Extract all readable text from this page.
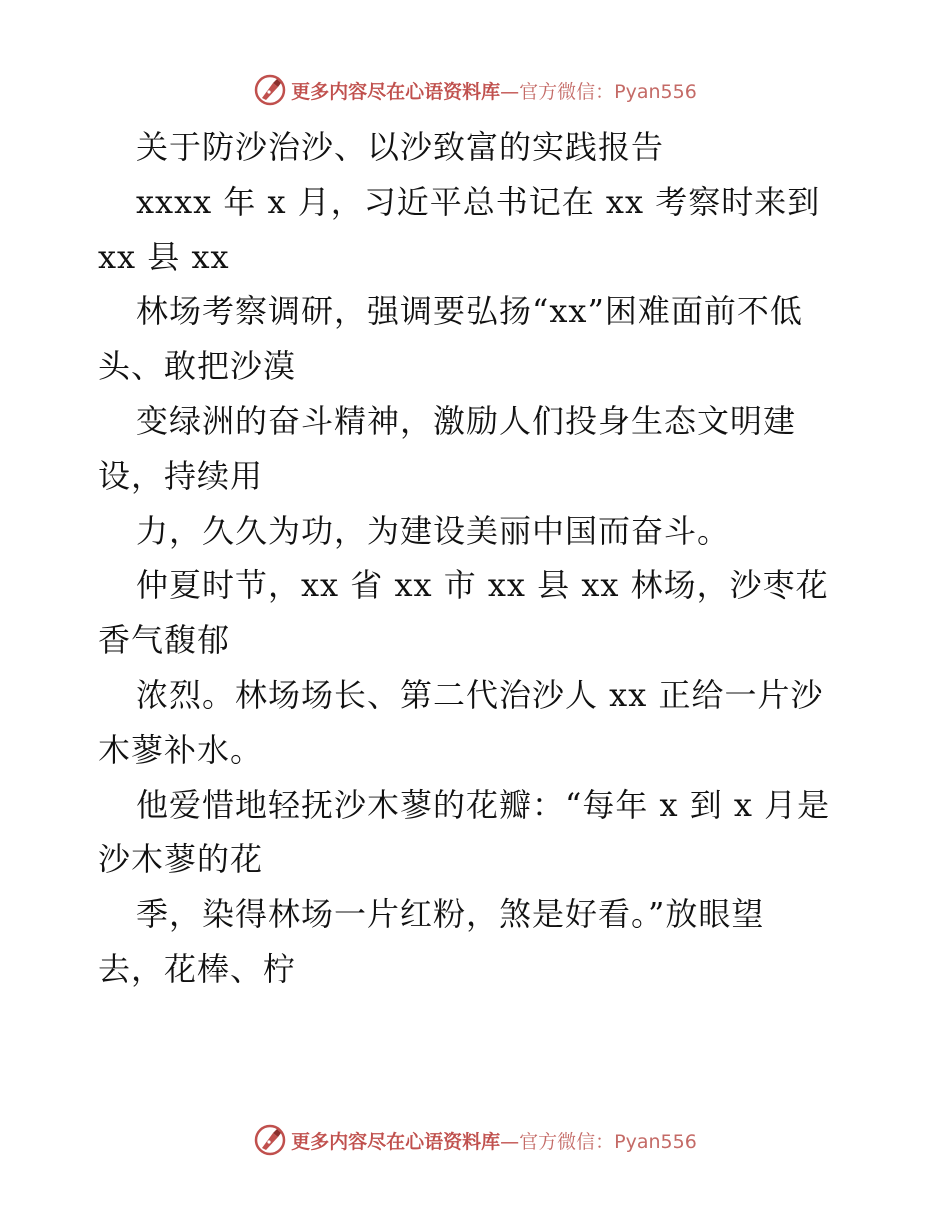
更多内容尽在心语资料库—官方微信：Pyan556
关于防沙治沙、以沙致富的实践报告
xxxx 年 x 月，习近平总书记在 xx 考察时来到
xx 县 xx
林场考察调研，强调要弘扬“xx”困难面前不低
头、敢把沙漠
变绿洲的奋斗精神，激励人们投身生态文明建
设，持续用
力，久久为功，为建设美丽中国而奋斗。
仲夏时节，xx 省 xx 市 xx 县 xx 林场，沙枣花
香气馥郁
浓烈。林场场长、第二代治沙人 xx 正给一片沙
木蓼补水。
他爱惜地轻抚沙木蓼的花瓣：“每年 x 到 x 月是
沙木蓼的花
季，染得林场一片红粉，煞是好看。”放眼望
去，花棒、柠
更多内容尽在心语资料库—官方微信：Pyan556
